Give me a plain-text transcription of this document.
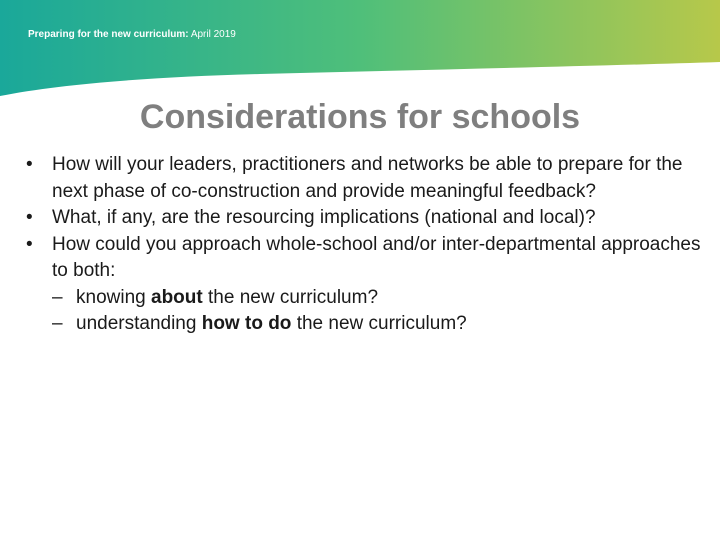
Preparing for the new curriculum: April 2019
Considerations for schools
•	How will your leaders, practitioners and networks be able to prepare for the next phase of co-construction and provide meaningful feedback?
•	What, if any, are the resourcing implications (national and local)?
•	How could you approach whole-school and/or inter-departmental approaches to both:
– knowing about the new curriculum?
– understanding how to do the new curriculum?
